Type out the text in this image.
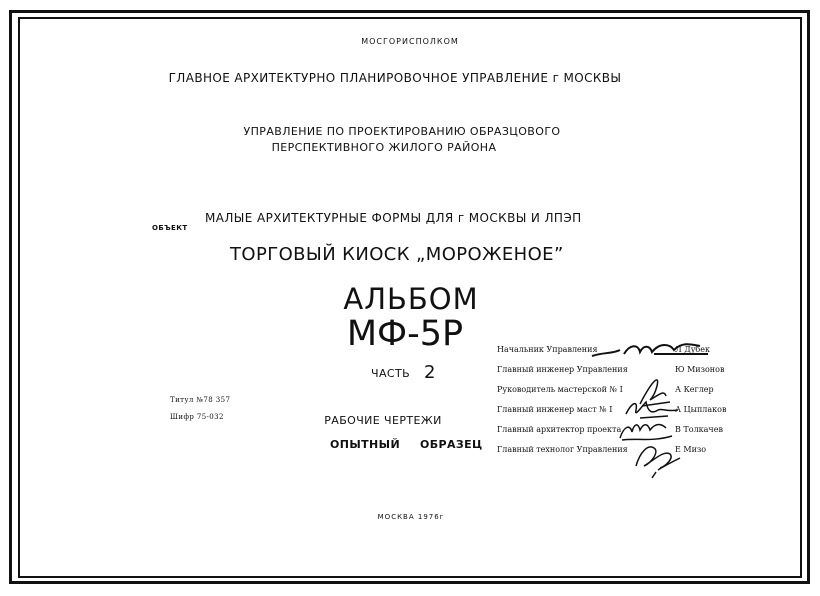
МОСГОРИСПОЛКОМ
ГЛАВНОЕ АРХИТЕКТУРНО ПЛАНИРОВОЧНОЕ УПРАВЛЕНИЕ г МОСКВЫ
УПРАВЛЕНИЕ ПО ПРОЕКТИРОВАНИЮ ОБРАЗЦОВОГО
ПЕРСПЕКТИВНОГО ЖИЛОГО РАЙОНА
ОБЪЕКТ
МАЛЫЕ АРХИТЕКТУРНЫЕ ФОРМЫ ДЛЯ г МОСКВЫ И ЛПЭП
ТОРГОВЫЙ КИОСК „МОРОЖЕНОЕ”
АЛЬБОМ
МФ-5Р
ЧАСТЬ 2
Титул №78 357
Шифр 75-032	РАБОЧИЕ ЧЕРТЕЖИ
ОПЫТНЫЙ ОБРАЗЕЦ
Начальник Управления	Л Дубек
Главный инженер Управления	Ю Мизонов
Руководитель мастерской № I	А Кеглер
Главный инженер маст № I	А Цыплаков
Главный архитектор проекта	В Толкачев
Главный технолог Управления	Е Мизо
МОСКВА 1976г
